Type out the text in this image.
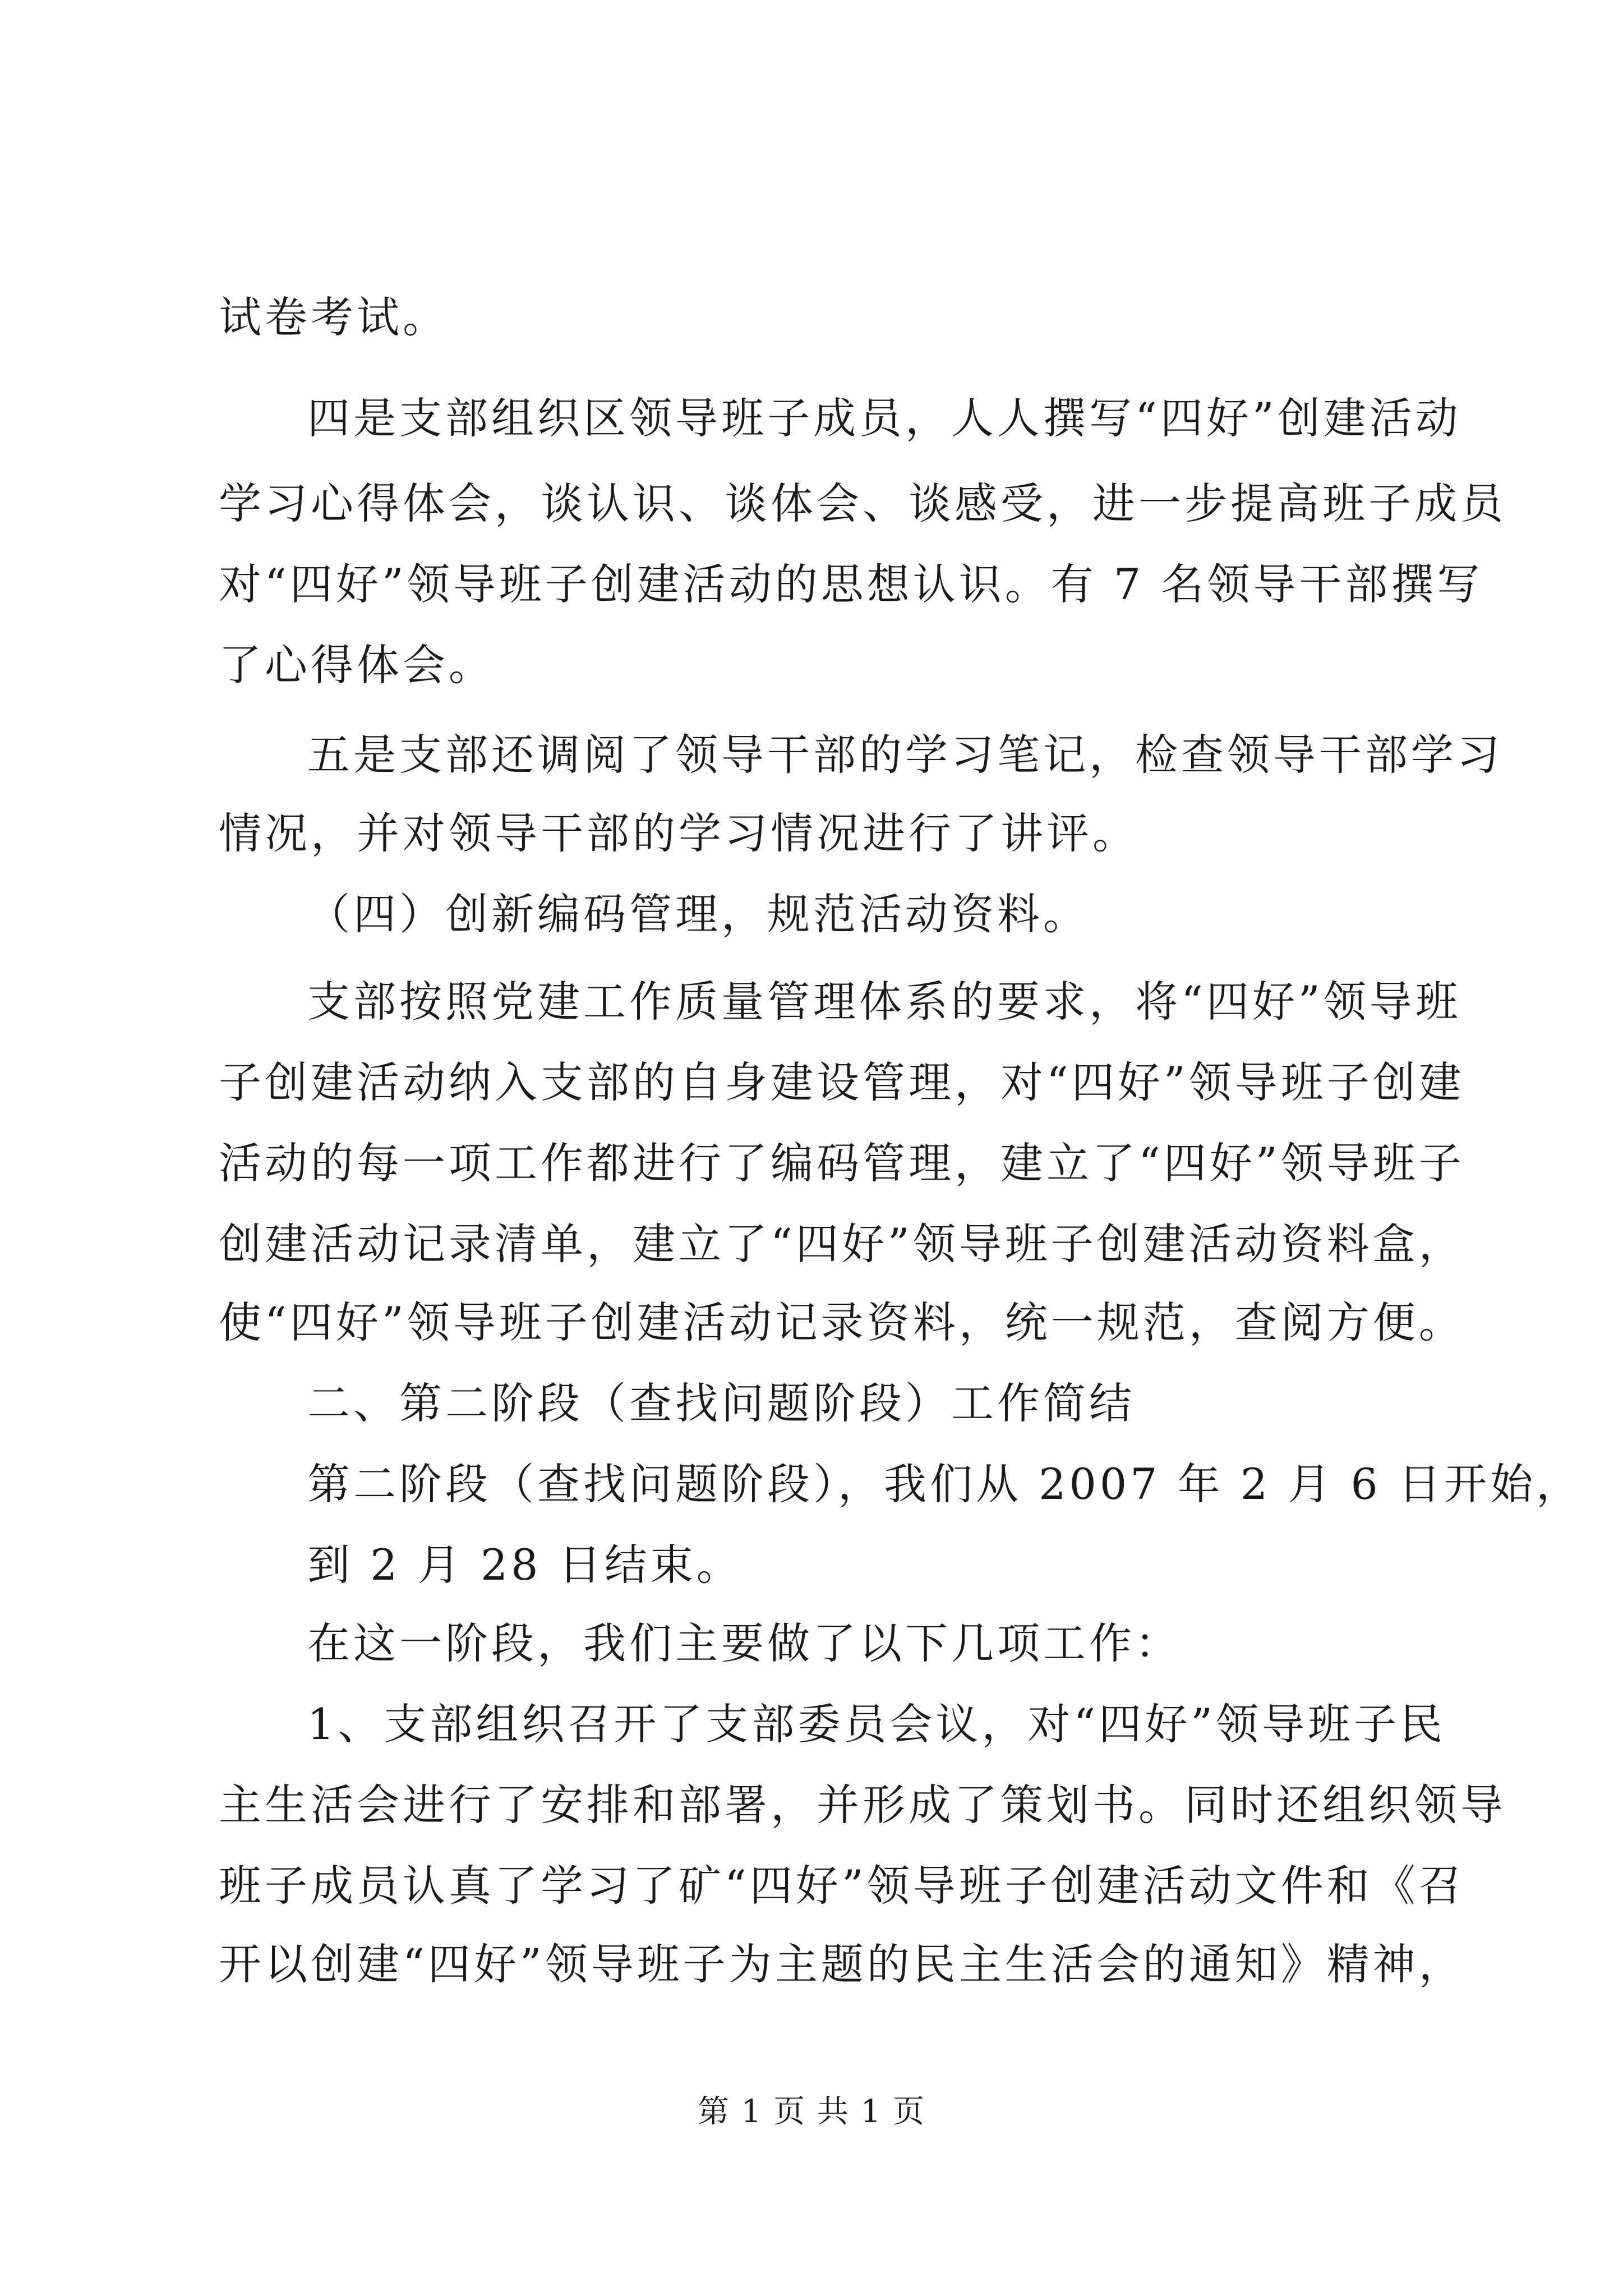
试卷考试。
四是支部组织区领导班子成员，人人撰写“四好”创建活动
学习心得体会，谈认识、谈体会、谈感受，进一步提高班子成员
对“四好”领导班子创建活动的思想认识。有 7 名领导干部撰写
了心得体会。
五是支部还调阅了领导干部的学习笔记，检查领导干部学习
情况，并对领导干部的学习情况进行了讲评。
（四）创新编码管理，规范活动资料。
支部按照党建工作质量管理体系的要求，将“四好”领导班
子创建活动纳入支部的自身建设管理，对“四好”领导班子创建
活动的每一项工作都进行了编码管理，建立了“四好”领导班子
创建活动记录清单，建立了“四好”领导班子创建活动资料盒，
使“四好”领导班子创建活动记录资料，统一规范，查阅方便。
二、第二阶段（查找问题阶段）工作简结
第二阶段（查找问题阶段），我们从 2007 年 2 月 6 日开始，
到 2 月 28 日结束。
在这一阶段，我们主要做了以下几项工作：
1、支部组织召开了支部委员会议，对“四好”领导班子民
主生活会进行了安排和部署，并形成了策划书。同时还组织领导
班子成员认真了学习了矿“四好”领导班子创建活动文件和《召
开以创建“四好”领导班子为主题的民主生活会的通知》精神，
第 1 页 共 1 页
